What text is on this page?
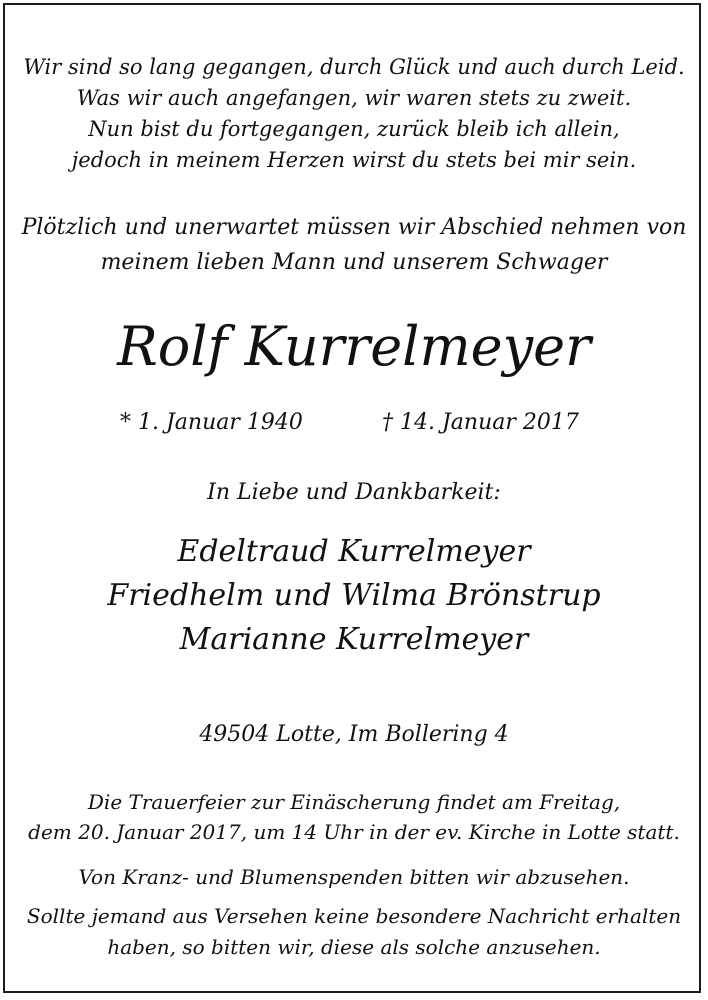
Wir sind so lang gegangen, durch Glück und auch durch Leid.
Was wir auch angefangen, wir waren stets zu zweit.
Nun bist du fortgegangen, zurück bleib ich allein,
jedoch in meinem Herzen wirst du stets bei mir sein.
Plötzlich und unerwartet müssen wir Abschied nehmen von
meinem lieben Mann und unserem Schwager
Rolf Kurrelmeyer
* 1. Januar 1940	† 14. Januar 2017
In Liebe und Dankbarkeit:
Edeltraud Kurrelmeyer
Friedhelm und Wilma Brönstrup
Marianne Kurrelmeyer
49504 Lotte, Im Bollering 4
Die Trauerfeier zur Einäscherung findet am Freitag,
dem 20. Januar 2017, um 14 Uhr in der ev. Kirche in Lotte statt.
Von Kranz- und Blumenspenden bitten wir abzusehen.
Sollte jemand aus Versehen keine besondere Nachricht erhalten
haben, so bitten wir, diese als solche anzusehen.
